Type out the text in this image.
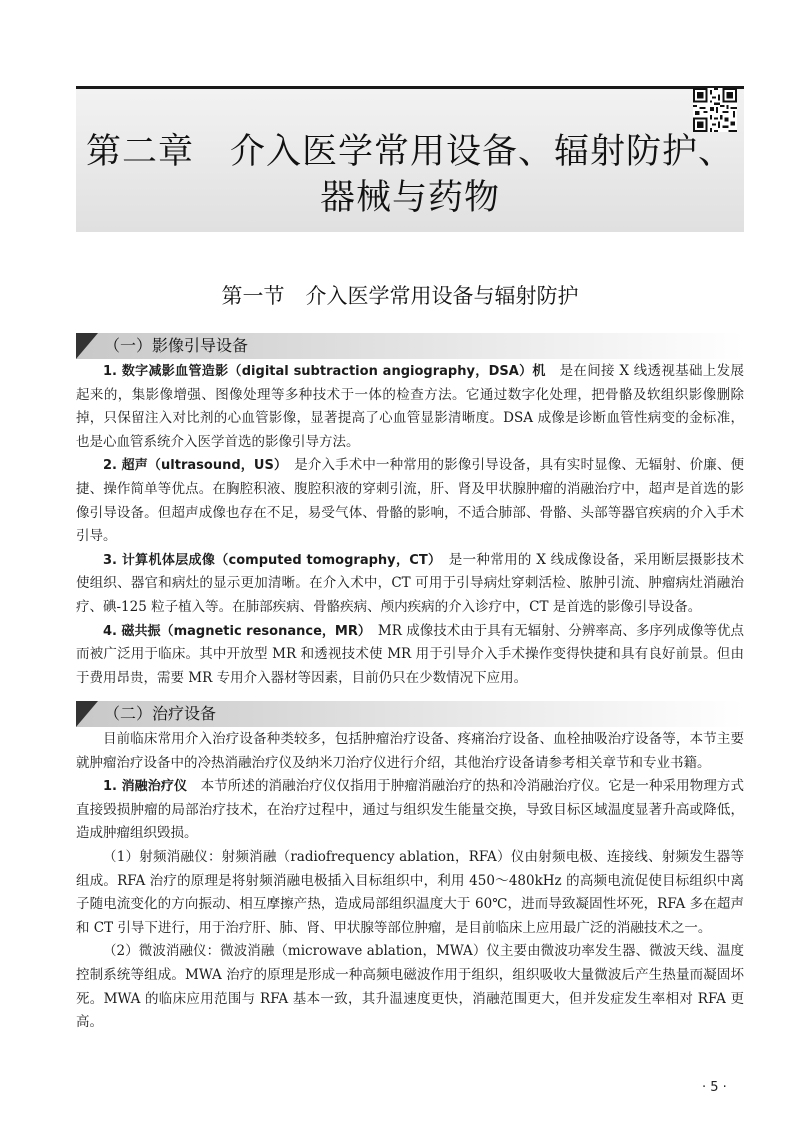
第二章　介入医学常用设备、辐射防护、
器械与药物
第一节　介入医学常用设备与辐射防护
（一）影像引导设备

1. 数字减影血管造影（digital subtraction angiography，DSA）机　是在间接 X 线透视基础上发展起来的，集影像增强、图像处理等多种技术于一体的检查方法。它通过数字化处理，把骨骼及软组织影像删除掉，只保留注入对比剂的心血管影像，显著提高了心血管显影清晰度。DSA 成像是诊断血管性病变的金标准，也是心血管系统介入医学首选的影像引导方法。

2. 超声（ultrasound，US）　是介入手术中一种常用的影像引导设备，具有实时显像、无辐射、价廉、便捷、操作简单等优点。在胸腔积液、腹腔积液的穿刺引流，肝、肾及甲状腺肿瘤的消融治疗中，超声是首选的影像引导设备。但超声成像也存在不足，易受气体、骨骼的影响，不适合肺部、骨骼、头部等器官疾病的介入手术引导。

3. 计算机体层成像（computed tomography，CT）　是一种常用的 X 线成像设备，采用断层摄影技术使组织、器官和病灶的显示更加清晰。在介入术中，CT 可用于引导病灶穿刺活检、脓肿引流、肿瘤病灶消融治疗、碘-125 粒子植入等。在肺部疾病、骨骼疾病、颅内疾病的介入诊疗中，CT 是首选的影像引导设备。

4. 磁共振（magnetic resonance，MR）　MR 成像技术由于具有无辐射、分辨率高、多序列成像等优点而被广泛用于临床。其中开放型 MR 和透视技术使 MR 用于引导介入手术操作变得快捷和具有良好前景。但由于费用昂贵，需要 MR 专用介入器材等因素，目前仍只在少数情况下应用。

（二）治疗设备

目前临床常用介入治疗设备种类较多，包括肿瘤治疗设备、疼痛治疗设备、血栓抽吸治疗设备等，本节主要就肿瘤治疗设备中的冷热消融治疗仪及纳米刀治疗仪进行介绍，其他治疗设备请参考相关章节和专业书籍。

1. 消融治疗仪　本节所述的消融治疗仪仅指用于肿瘤消融治疗的热和冷消融治疗仪。它是一种采用物理方式直接毁损肿瘤的局部治疗技术，在治疗过程中，通过与组织发生能量交换，导致目标区域温度显著升高或降低，造成肿瘤组织毁损。

（1）射频消融仪：射频消融（radiofrequency ablation，RFA）仪由射频电极、连接线、射频发生器等组成。RFA 治疗的原理是将射频消融电极插入目标组织中，利用 450～480kHz 的高频电流促使目标组织中离子随电流变化的方向振动、相互摩擦产热，造成局部组织温度大于 60℃，进而导致凝固性坏死，RFA 多在超声和 CT 引导下进行，用于治疗肝、肺、肾、甲状腺等部位肿瘤，是目前临床上应用最广泛的消融技术之一。

（2）微波消融仪：微波消融（microwave ablation，MWA）仪主要由微波功率发生器、微波天线、温度控制系统等组成。MWA 治疗的原理是形成一种高频电磁波作用于组织，组织吸收大量微波后产生热量而凝固坏死。MWA 的临床应用范围与 RFA 基本一致，其升温速度更快，消融范围更大，但并发症发生率相对 RFA 更高。

· 5 ·
